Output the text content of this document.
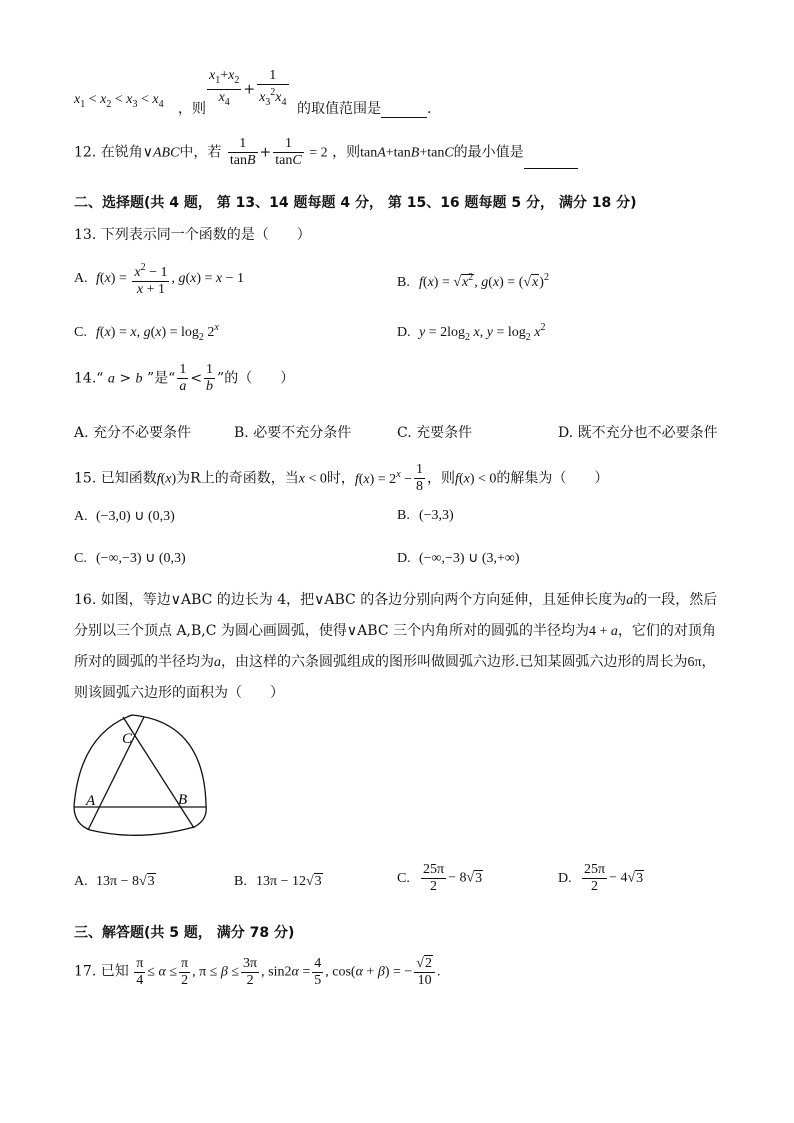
$x_1 < x_2 < x_3 < x_4$ ，则 $\frac{x_1+x_2}{x_4} + \frac{1}{x_3^2x_4}$ 的取值范围是	.
12. 在锐角∨ABC中，若 $\frac{1}{\tan B} + \frac{1}{\tan C} = 2$ ，则tanA+tanB+tanC的最小值是
二、选择题(共 4 题， 第 13、14 题每题 4 分， 第 15、16 题每题 5 分， 满分 18 分)
13. 下列表示同一个函数的是（　　）
A. $f(x) = \frac{x^2 - 1}{x + 1}$ , g(x) = x − 1	B. $f(x) = √x^2$, $g(x) = (√x)^2$
C. f(x) = x, $g(x) = \log_2 2^x$	D. $y = 2\log_2$ x, $y = \log_2 x^2$
14.“ a > b ”是“ $\frac{1}{a} < \frac{1}{b}$ ”的（　　）
A. 充分不必要条件	B. 必要不充分条件	C. 充要条件	D. 既不充分也不必要条件
15. 已知函数f(x)为R上的奇函数，当x < 0时，$f(x) = 2^x - \frac{1}{8}$ ，则f(x) < 0的解集为（　　）
A. (−3,0) ∪ (0,3)	B. (−3,3)
C. (−∞,−3) ∪ (0,3)	D. (−∞,−3) ∪ (3,+∞)
16. 如图，等边∨ABC 的边长为 4，把∨ABC 的各边分别向两个方向延伸，且延伸长度为a的一段，然后
分别以三个顶点 A,B,C 为圆心画圆弧，使得∨ABC 三个内角所对的圆弧的半径均为4 + a，它们的对顶角
所对的圆弧的半径均为a，由这样的六条圆弧组成的图形叫做圆弧六边形.已知某圆弧六边形的周长为6π，
则该圆弧六边形的面积为（　　）
A	B
C
A. 13π − 8√3	B. 13π − 12√3	C. $\frac{25\pi}{2} - 8√3$	D. $\frac{25\pi}{2} - 4√3$
三、解答题(共 5 题， 满分 78 分)
17. 已知 $\frac{\pi}{4} \le \alpha \le \frac{\pi}{2}$ , $\pi \le \beta \le \frac{3\pi}{2}$ , $\sin 2\alpha = \frac{4}{5}$ , cos(α + β) = − $\frac{√2}{10}$ .
